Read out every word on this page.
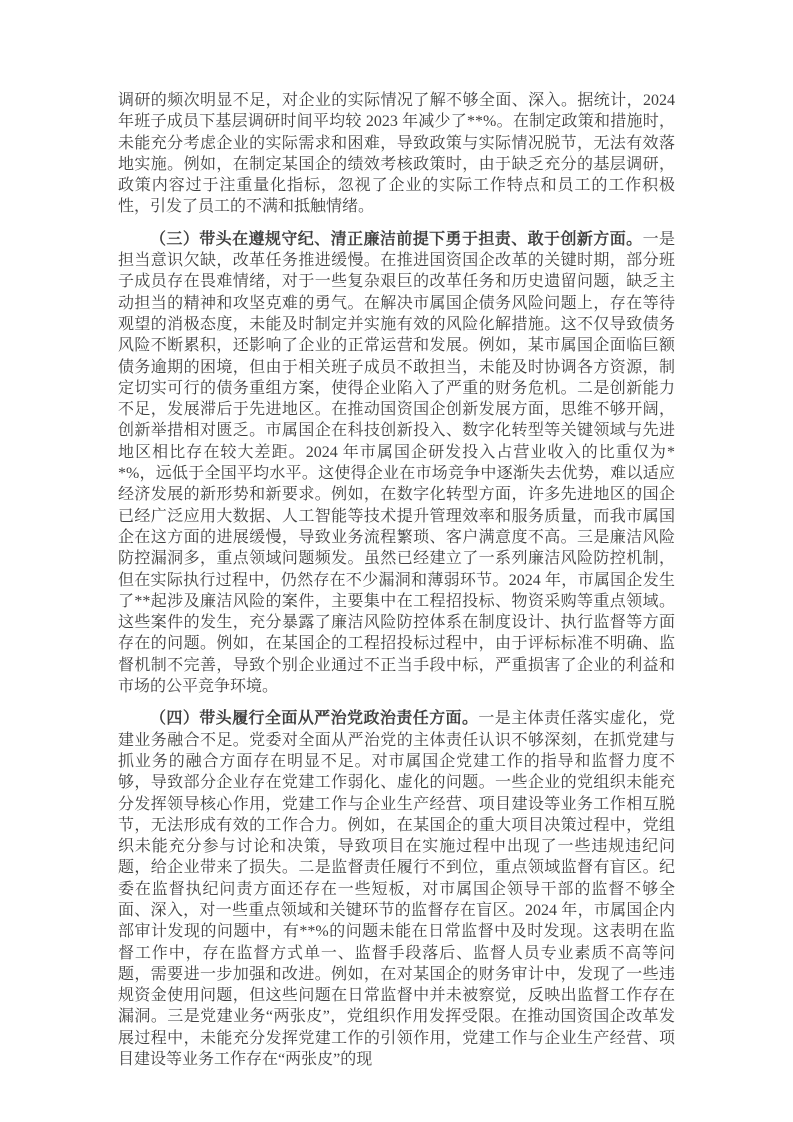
调研的频次明显不足，对企业的实际情况了解不够全面、深入。据统计，2024 年班子成员下基层调研时间平均较 2023 年减少了**%。在制定政策和措施时，未能充分考虑企业的实际需求和困难，导致政策与实际情况脱节，无法有效落地实施。例如，在制定某国企的绩效考核政策时，由于缺乏充分的基层调研，政策内容过于注重量化指标，忽视了企业的实际工作特点和员工的工作积极性，引发了员工的不满和抵触情绪。

（三）带头在遵规守纪、清正廉洁前提下勇于担责、敢于创新方面。一是担当意识欠缺，改革任务推进缓慢。在推进国资国企改革的关键时期，部分班子成员存在畏难情绪，对于一些复杂艰巨的改革任务和历史遗留问题，缺乏主动担当的精神和攻坚克难的勇气。在解决市属国企债务风险问题上，存在等待观望的消极态度，未能及时制定并实施有效的风险化解措施。这不仅导致债务风险不断累积，还影响了企业的正常运营和发展。例如，某市属国企面临巨额债务逾期的困境，但由于相关班子成员不敢担当，未能及时协调各方资源，制定切实可行的债务重组方案，使得企业陷入了严重的财务危机。二是创新能力不足，发展滞后于先进地区。在推动国资国企创新发展方面，思维不够开阔，创新举措相对匮乏。市属国企在科技创新投入、数字化转型等关键领域与先进地区相比存在较大差距。2024 年市属国企研发投入占营业收入的比重仅为**%，远低于全国平均水平。这使得企业在市场竞争中逐渐失去优势，难以适应经济发展的新形势和新要求。例如，在数字化转型方面，许多先进地区的国企已经广泛应用大数据、人工智能等技术提升管理效率和服务质量，而我市属国企在这方面的进展缓慢，导致业务流程繁琐、客户满意度不高。三是廉洁风险防控漏洞多，重点领域问题频发。虽然已经建立了一系列廉洁风险防控机制，但在实际执行过程中，仍然存在不少漏洞和薄弱环节。2024 年，市属国企发生了**起涉及廉洁风险的案件，主要集中在工程招投标、物资采购等重点领域。这些案件的发生，充分暴露了廉洁风险防控体系在制度设计、执行监督等方面存在的问题。例如，在某国企的工程招投标过程中，由于评标标准不明确、监督机制不完善，导致个别企业通过不正当手段中标，严重损害了企业的利益和市场的公平竞争环境。

（四）带头履行全面从严治党政治责任方面。一是主体责任落实虚化，党建业务融合不足。党委对全面从严治党的主体责任认识不够深刻，在抓党建与抓业务的融合方面存在明显不足。对市属国企党建工作的指导和监督力度不够，导致部分企业存在党建工作弱化、虚化的问题。一些企业的党组织未能充分发挥领导核心作用，党建工作与企业生产经营、项目建设等业务工作相互脱节，无法形成有效的工作合力。例如，在某国企的重大项目决策过程中，党组织未能充分参与讨论和决策，导致项目在实施过程中出现了一些违规违纪问题，给企业带来了损失。二是监督责任履行不到位，重点领域监督有盲区。纪委在监督执纪问责方面还存在一些短板，对市属国企领导干部的监督不够全面、深入，对一些重点领域和关键环节的监督存在盲区。2024 年，市属国企内部审计发现的问题中，有**%的问题未能在日常监督中及时发现。这表明在监督工作中，存在监督方式单一、监督手段落后、监督人员专业素质不高等问题，需要进一步加强和改进。例如，在对某国企的财务审计中，发现了一些违规资金使用问题，但这些问题在日常监督中并未被察觉，反映出监督工作存在漏洞。三是党建业务“两张皮”，党组织作用发挥受限。在推动国资国企改革发展过程中，未能充分发挥党建工作的引领作用，党建工作与企业生产经营、项目建设等业务工作存在“两张皮”的现
